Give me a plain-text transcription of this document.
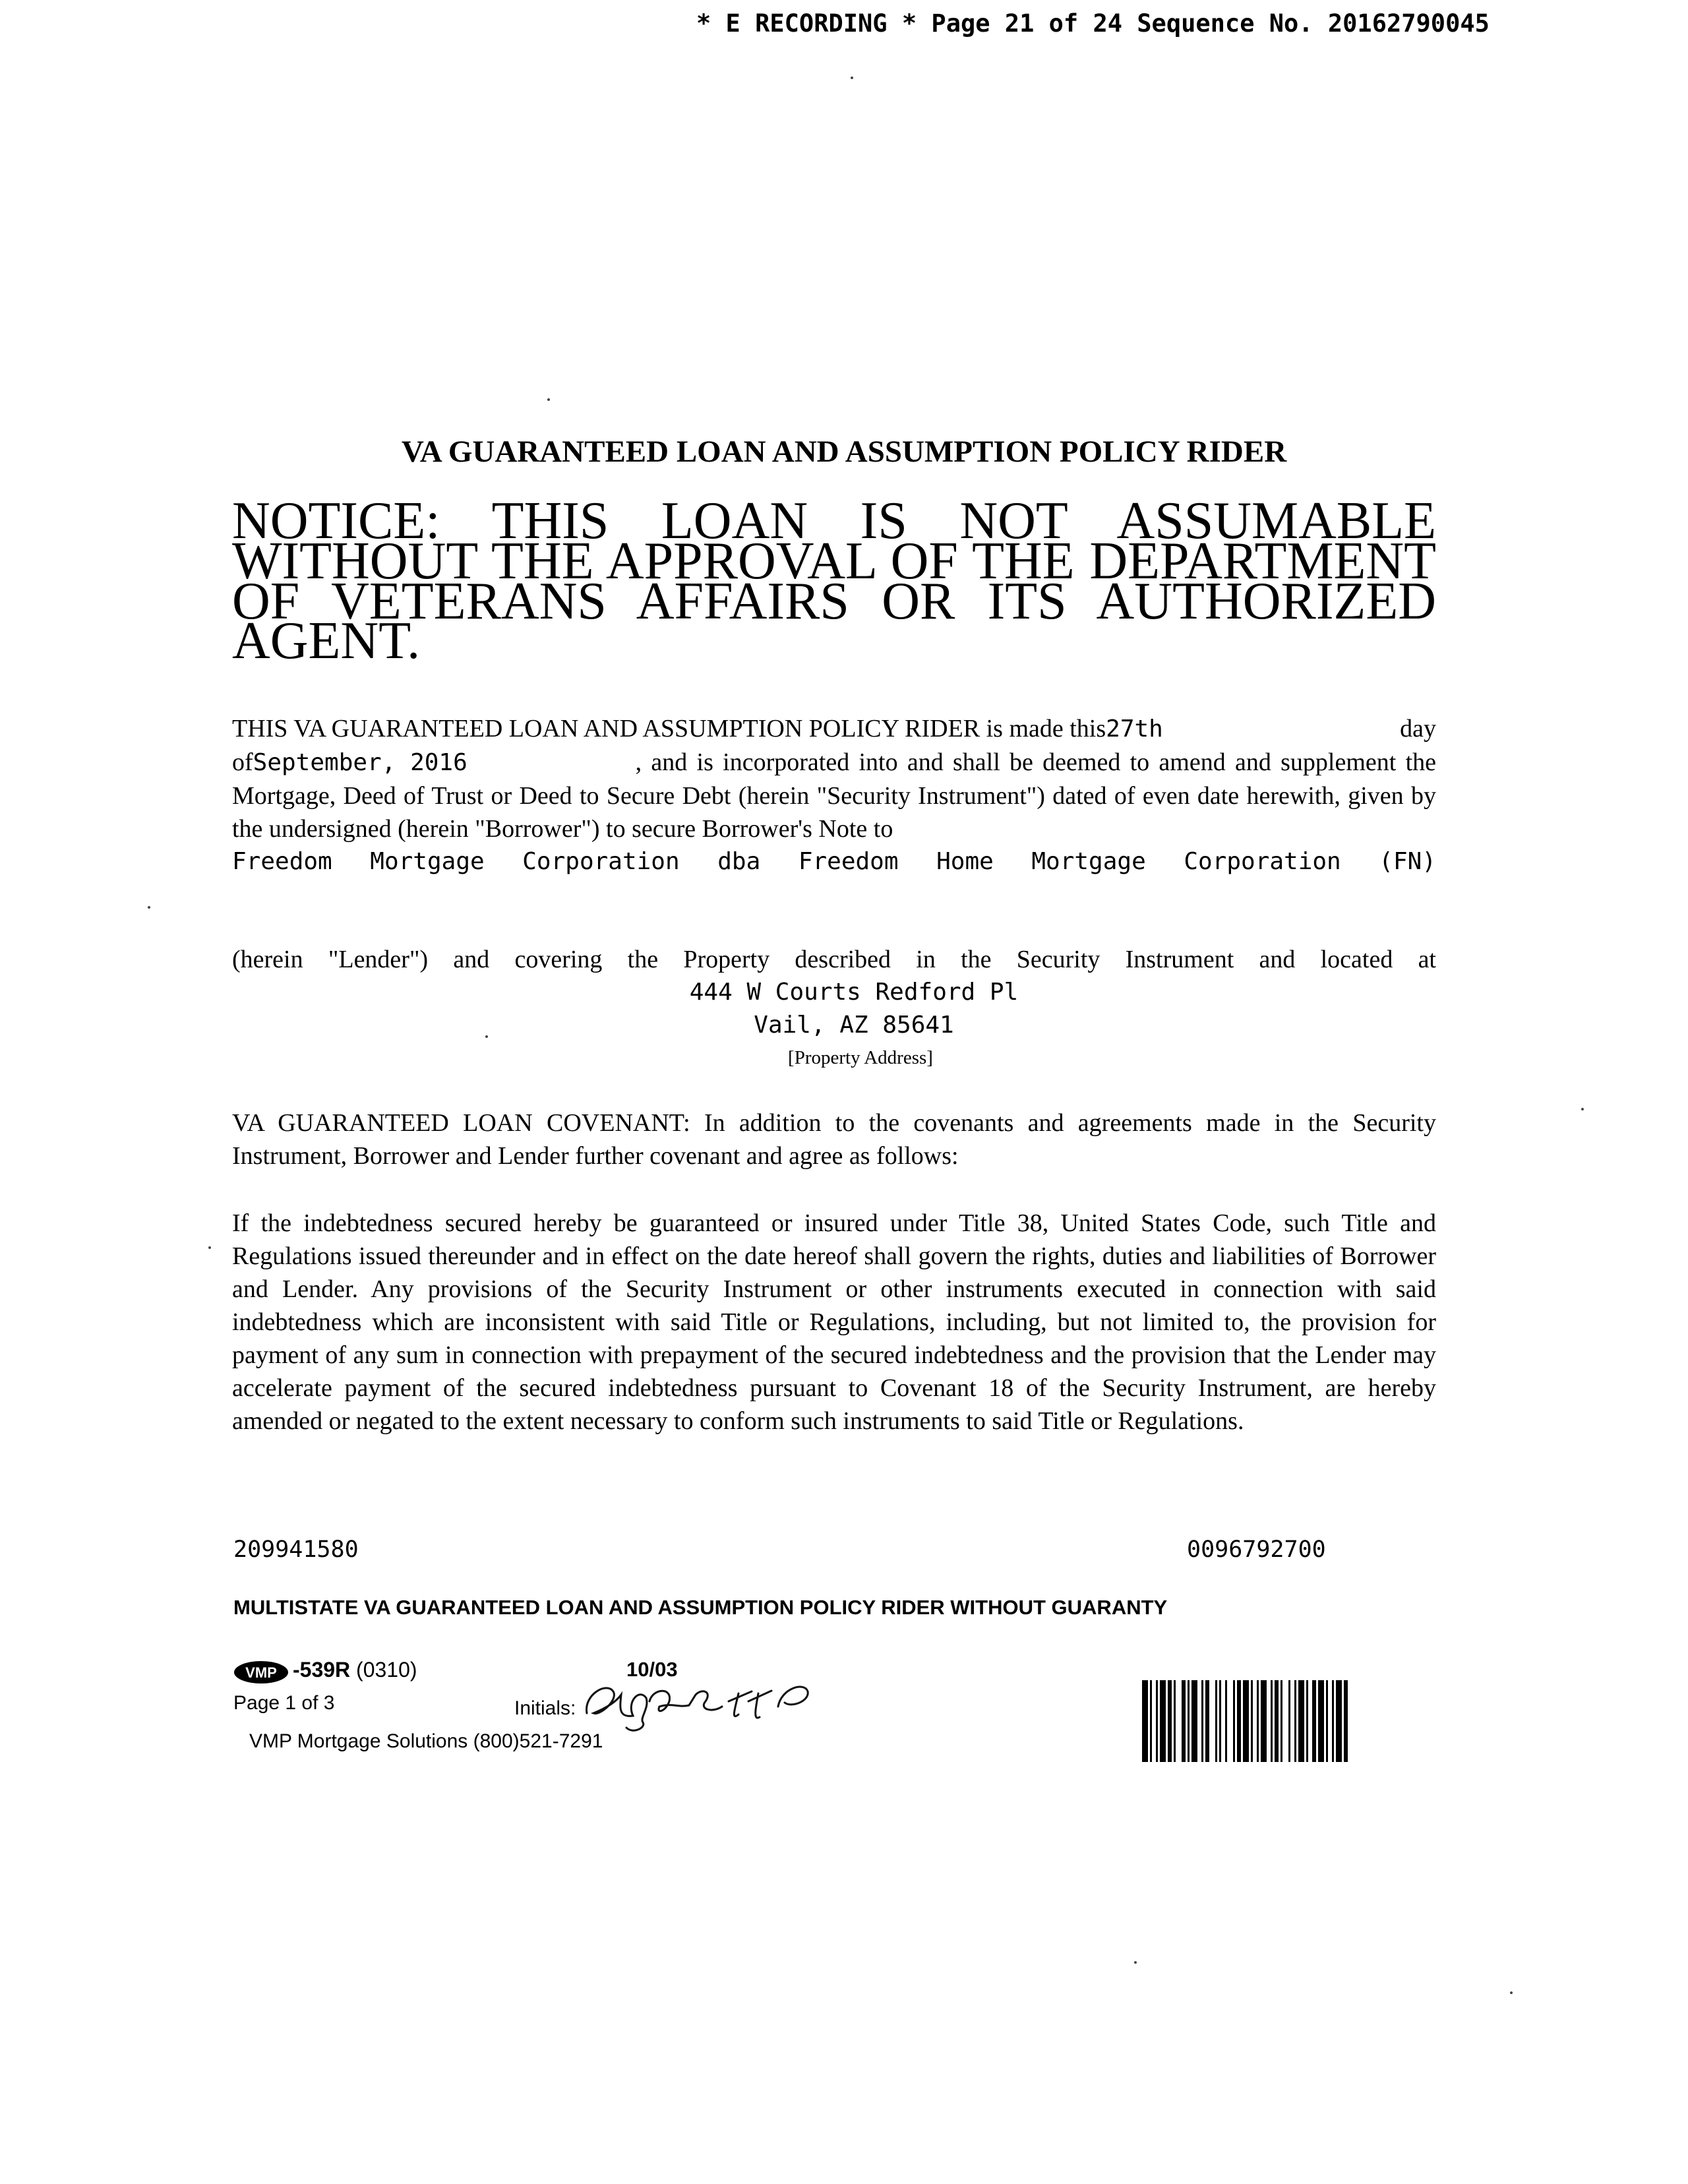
* E RECORDING * Page 21 of 24 Sequence No. 20162790045
VA GUARANTEED LOAN AND ASSUMPTION POLICY RIDER
NOTICE: THIS LOAN IS NOT ASSUMABLE WITHOUT THE APPROVAL OF THE DEPARTMENT OF VETERANS AFFAIRS OR ITS AUTHORIZED AGENT.
THIS VA GUARANTEED LOAN AND ASSUMPTION POLICY RIDER is made this27th	day
ofSeptember, 2016	, and is incorporated into and shall be deemed to amend and supplement the Mortgage, Deed of Trust or Deed to Secure Debt (herein "Security Instrument") dated of even date herewith, given by the undersigned (herein "Borrower") to secure Borrower's Note to
Freedom Mortgage Corporation dba Freedom Home Mortgage Corporation (FN)
(herein "Lender") and covering the Property described in the Security Instrument and located at
444 W Courts Redford Pl
Vail, AZ 85641
[Property Address]
VA GUARANTEED LOAN COVENANT: In addition to the covenants and agreements made in the Security Instrument, Borrower and Lender further covenant and agree as follows:
If the indebtedness secured hereby be guaranteed or insured under Title 38, United States Code, such Title and Regulations issued thereunder and in effect on the date hereof shall govern the rights, duties and liabilities of Borrower and Lender. Any provisions of the Security Instrument or other instruments executed in connection with said indebtedness which are inconsistent with said Title or Regulations, including, but not limited to, the provision for payment of any sum in connection with prepayment of the secured indebtedness and the provision that the Lender may accelerate payment of the secured indebtedness pursuant to Covenant 18 of the Security Instrument, are hereby amended or negated to the extent necessary to conform such instruments to said Title or Regulations.
209941580	0096792700
MULTISTATE VA GUARANTEED LOAN AND ASSUMPTION POLICY RIDER WITHOUT GUARANTY
VMP -539R (0310)	10/03
Page 1 of 3	Initials:
VMP Mortgage Solutions (800)521-7291
